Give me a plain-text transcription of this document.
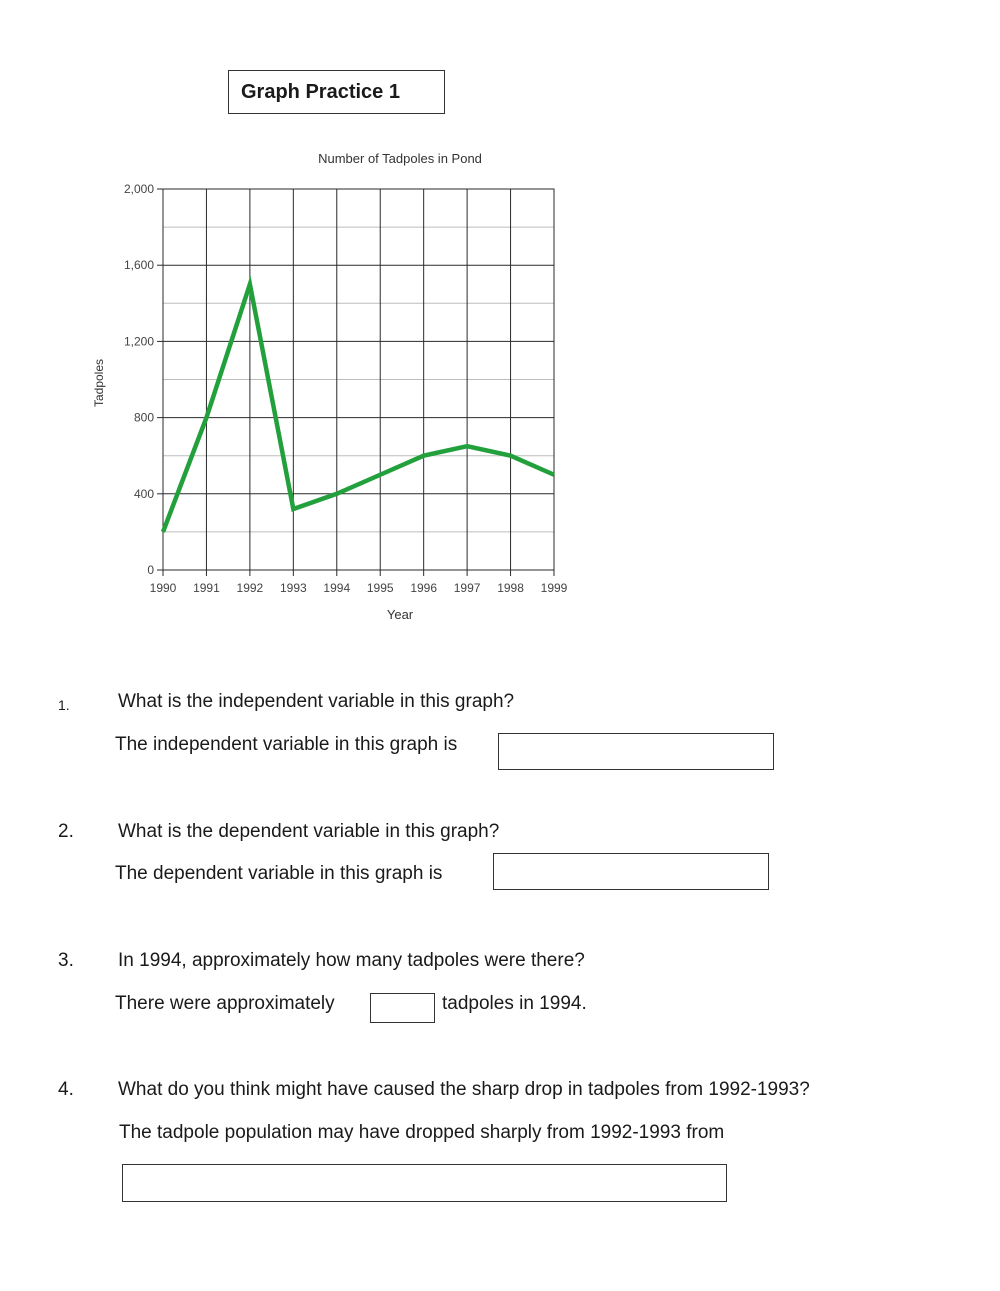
Graph Practice 1
0
400
800
1,200
1,600
2,000
1990 1991 1992 1993 1994 1995 1996 1997 1998 1999
Number of Tadpoles in Pond
Year
Tadpoles
1.	What is the independent variable in this graph?
The independent variable in this graph is
2. What is the dependent variable in this graph?
The dependent variable in this graph is
3. In 1994, approximately how many tadpoles were there?
There were approximately	tadpoles in 1994.
4. What do you think might have caused the sharp drop in tadpoles from 1992-1993?
The tadpole population may have dropped sharply from 1992-1993 from
